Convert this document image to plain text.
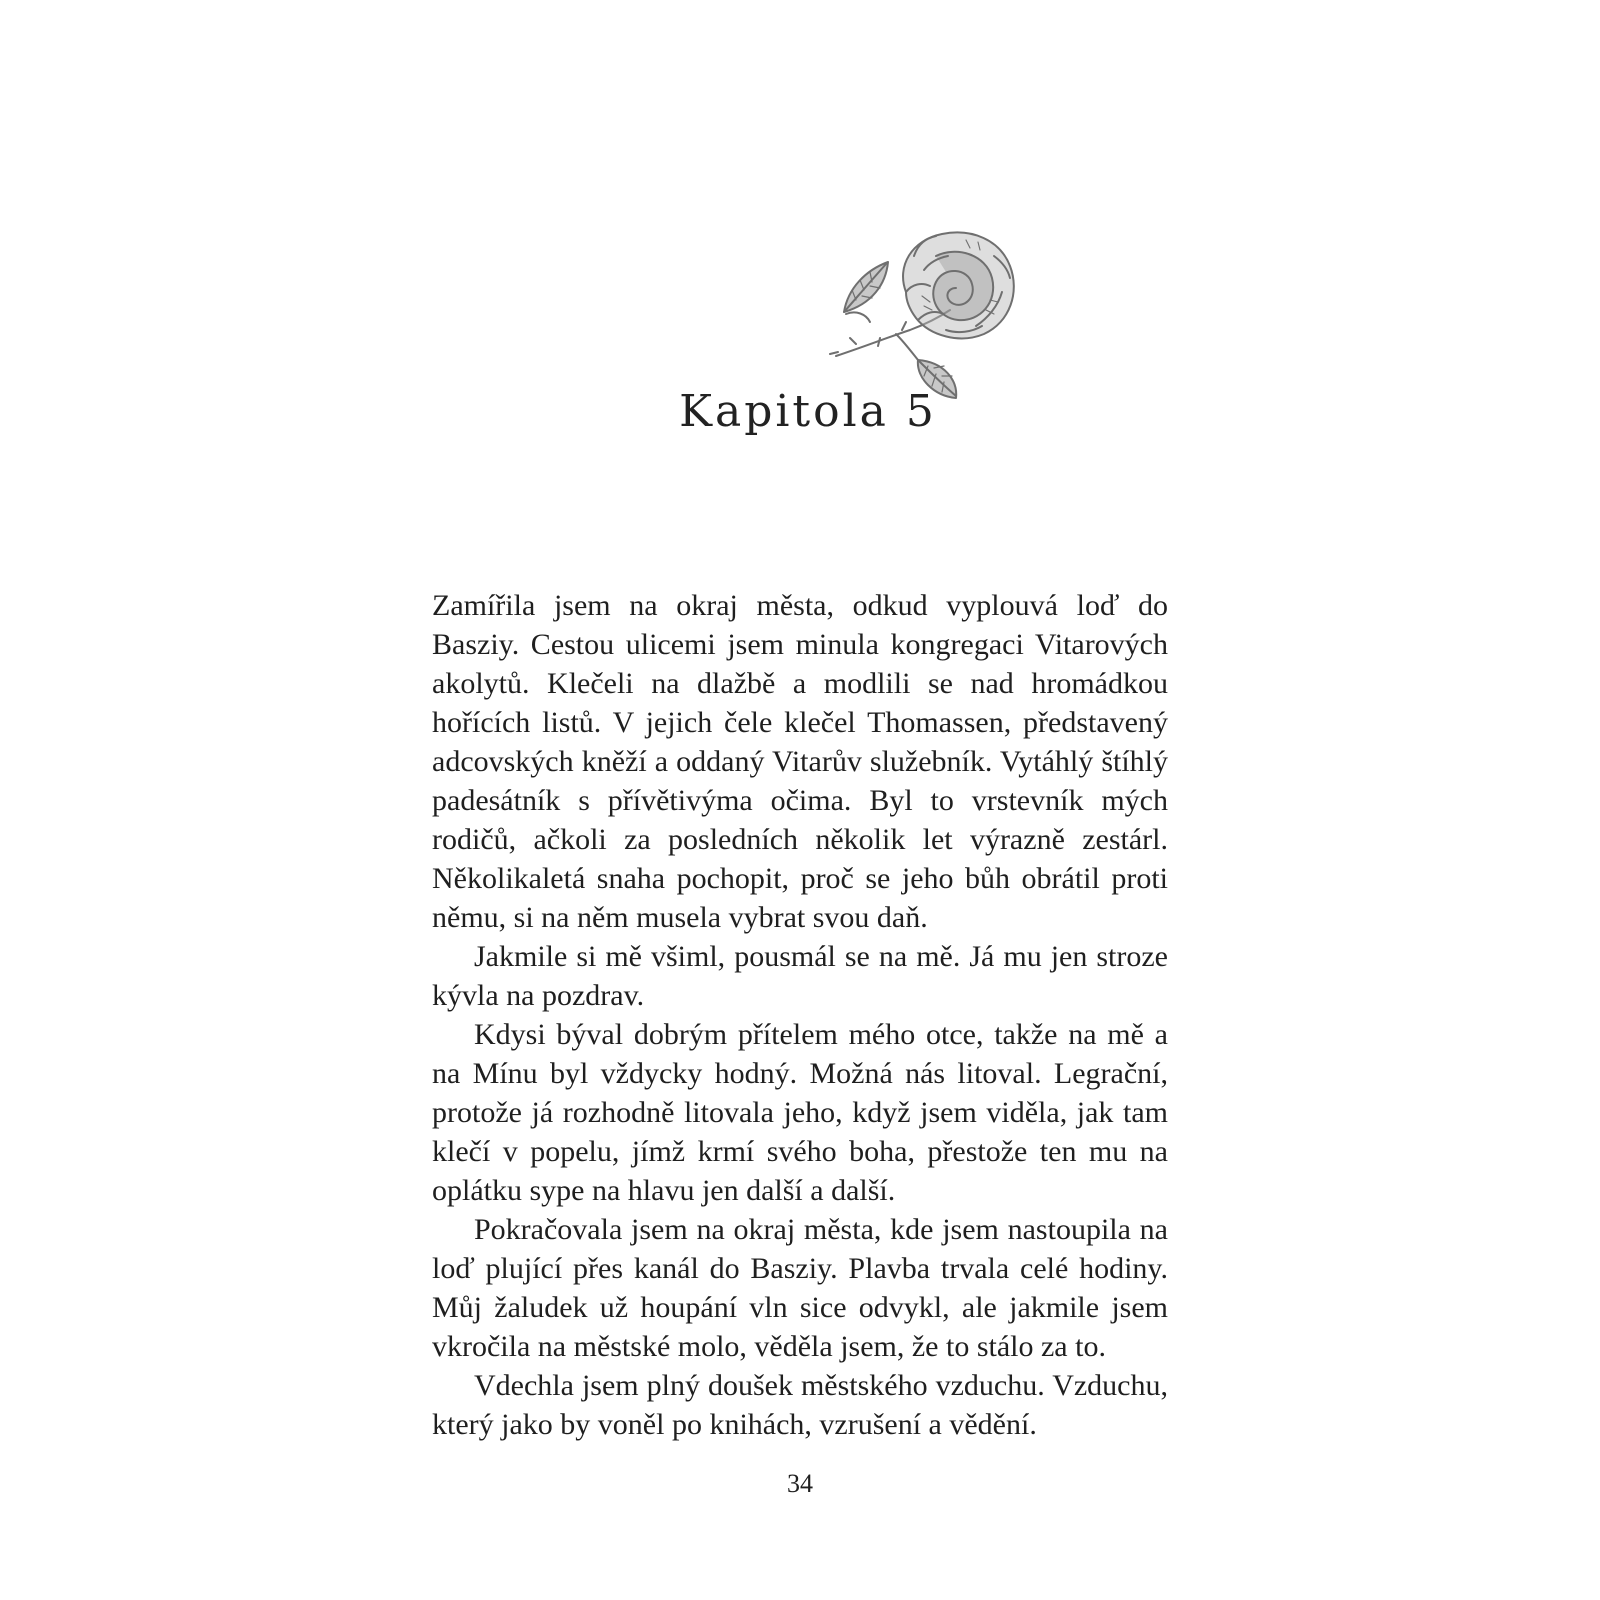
Kapitola 5

Zamířila jsem na okraj města, odkud vyplouvá loď do Basziy. Cestou ulicemi jsem minula kongregaci Vitarových akolytů. Klečeli na dlažbě a modlili se nad hromádkou hořících listů. V jejich čele klečel Thomassen, představený adcovských kněží a oddaný Vitarův služebník. Vytáhlý štíhlý padesátník s přívětivýma očima. Byl to vrstevník mých rodičů, ačkoli za posledních několik let výrazně zestárl. Několikaletá snaha pochopit, proč se jeho bůh obrátil proti němu, si na něm musela vybrat svou daň.

Jakmile si mě všiml, pousmál se na mě. Já mu jen stroze kývla na pozdrav.

Kdysi býval dobrým přítelem mého otce, takže na mě a na Mínu byl vždycky hodný. Možná nás litoval. Legrační, protože já rozhodně litovala jeho, když jsem viděla, jak tam klečí v popelu, jímž krmí svého boha, přestože ten mu na oplátku sype na hlavu jen další a další.

Pokračovala jsem na okraj města, kde jsem nastoupila na loď plující přes kanál do Basziy. Plavba trvala celé hodiny. Můj žaludek už houpání vln sice odvykl, ale jakmile jsem vkročila na městské molo, věděla jsem, že to stálo za to.

Vdechla jsem plný doušek městského vzduchu. Vzduchu, který jako by voněl po knihách, vzrušení a vědění.

34
